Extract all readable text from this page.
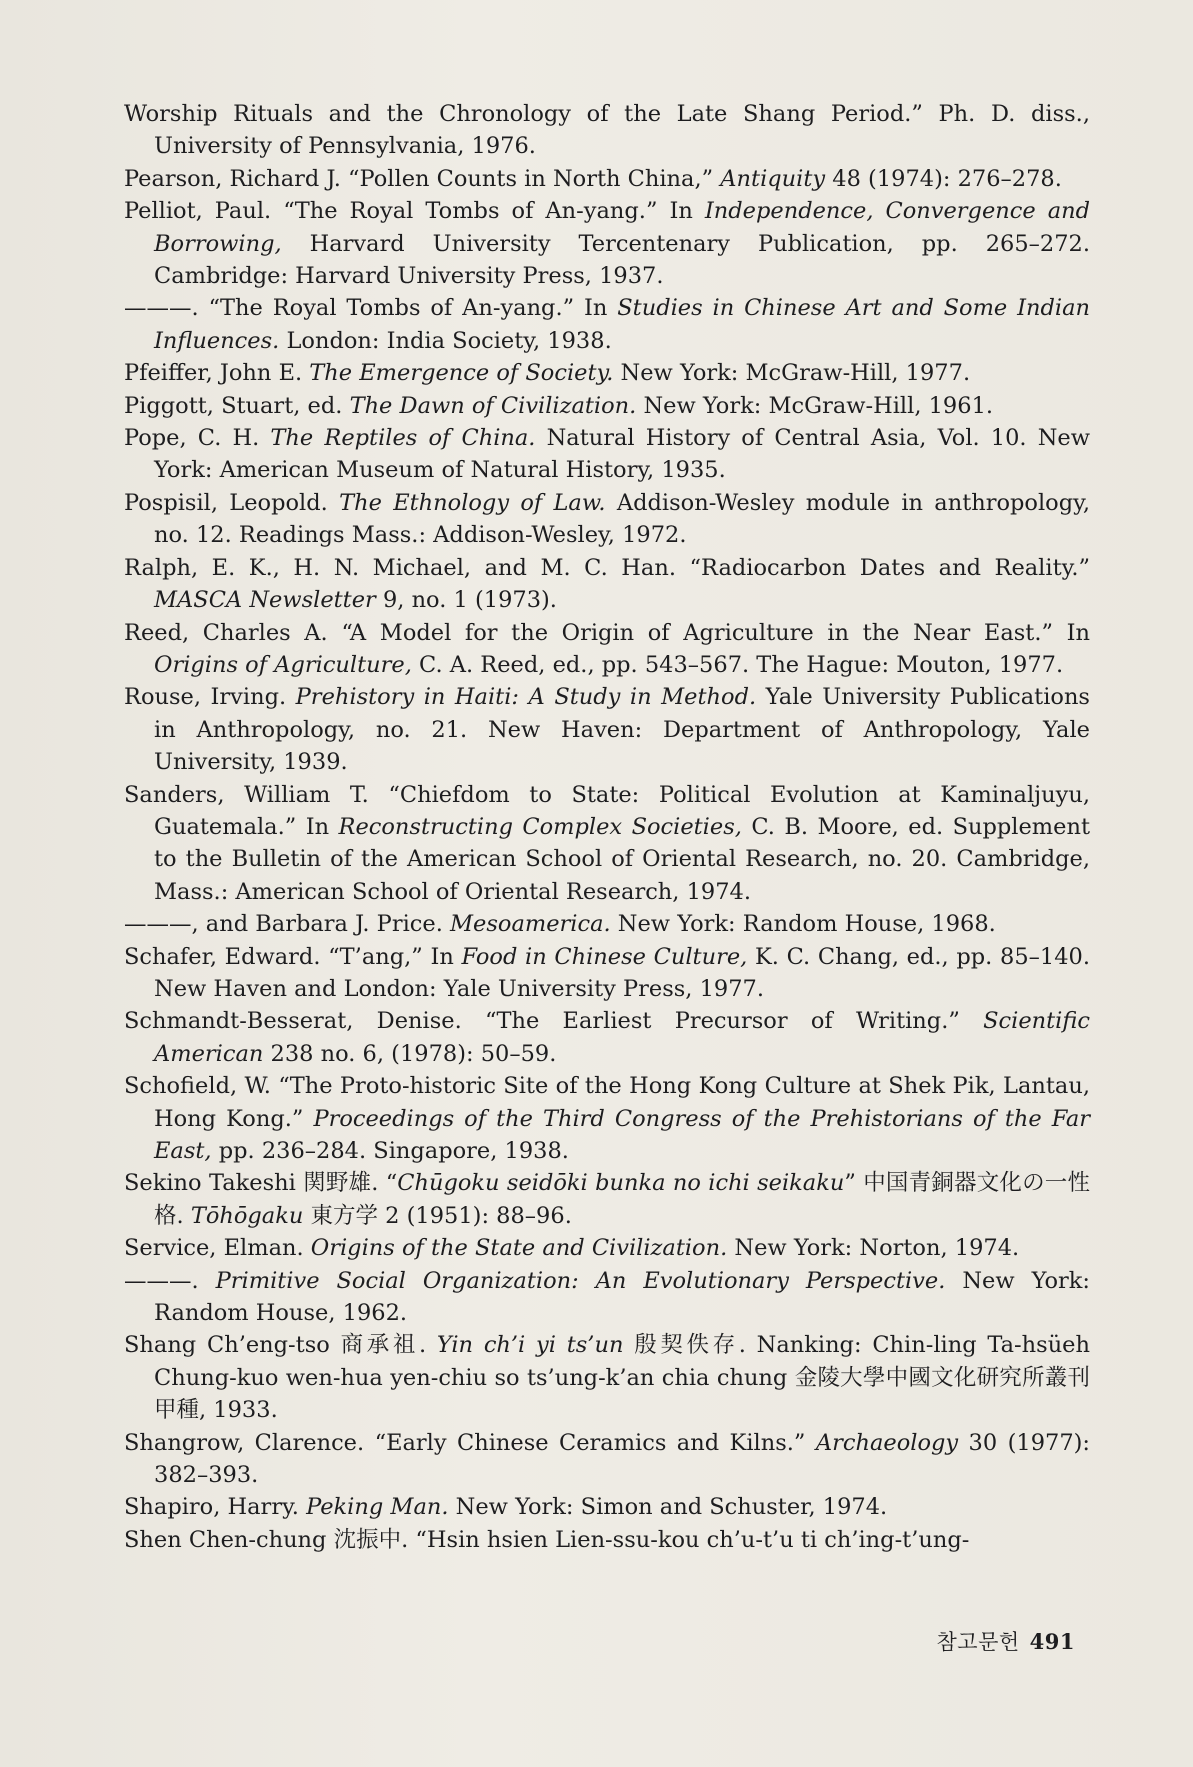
Worship Rituals and the Chronology of the Late Shang Period.” Ph. D. diss., University of Pennsylvania, 1976.

Pearson, Richard J. “Pollen Counts in North China,” Antiquity 48 (1974): 276–278.

Pelliot, Paul. “The Royal Tombs of An-yang.” In Independence, Convergence and Borrowing, Harvard University Tercentenary Publication, pp. 265–272. Cambridge: Harvard University Press, 1937.

———. “The Royal Tombs of An-yang.” In Studies in Chinese Art and Some Indian Influences. London: India Society, 1938.

Pfeiffer, John E. The Emergence of Society. New York: McGraw-Hill, 1977.

Piggott, Stuart, ed. The Dawn of Civilization. New York: McGraw-Hill, 1961.

Pope, C. H. The Reptiles of China. Natural History of Central Asia, Vol. 10. New York: American Museum of Natural History, 1935.

Pospisil, Leopold. The Ethnology of Law. Addison-Wesley module in anthropology, no. 12. Readings Mass.: Addison-Wesley, 1972.

Ralph, E. K., H. N. Michael, and M. C. Han. “Radiocarbon Dates and Reality.” MASCA Newsletter 9, no. 1 (1973).

Reed, Charles A. “A Model for the Origin of Agriculture in the Near East.” In Origins of Agriculture, C. A. Reed, ed., pp. 543–567. The Hague: Mouton, 1977.

Rouse, Irving. Prehistory in Haiti: A Study in Method. Yale University Publications in Anthropology, no. 21. New Haven: Department of Anthropology, Yale University, 1939.

Sanders, William T. “Chiefdom to State: Political Evolution at Kaminaljuyu, Guatemala.” In Reconstructing Complex Societies, C. B. Moore, ed. Supplement to the Bulletin of the American School of Oriental Research, no. 20. Cambridge, Mass.: American School of Oriental Research, 1974.

———, and Barbara J. Price. Mesoamerica. New York: Random House, 1968.

Schafer, Edward. “T’ang,” In Food in Chinese Culture, K. C. Chang, ed., pp. 85–140. New Haven and London: Yale University Press, 1977.

Schmandt-Besserat, Denise. “The Earliest Precursor of Writing.” Scientific American 238 no. 6, (1978): 50–59.

Schofield, W. “The Proto-historic Site of the Hong Kong Culture at Shek Pik, Lantau, Hong Kong.” Proceedings of the Third Congress of the Prehistorians of the Far East, pp. 236–284. Singapore, 1938.

Sekino Takeshi 関野雄. “Chūgoku seidōki bunka no ichi seikaku” 中国青銅器文化の一性格. Tōhōgaku 東方学 2 (1951): 88–96.

Service, Elman. Origins of the State and Civilization. New York: Norton, 1974.

———. Primitive Social Organization: An Evolutionary Perspective. New York: Random House, 1962.

Shang Ch’eng-tso 商承祖. Yin ch’i yi ts’un 殷契佚存. Nanking: Chin-ling Ta-hsüeh Chung-kuo wen-hua yen-chiu so ts’ung-k’an chia chung 金陵大學中國文化研究所叢刊甲種, 1933.

Shangrow, Clarence. “Early Chinese Ceramics and Kilns.” Archaeology 30 (1977): 382–393.

Shapiro, Harry. Peking Man. New York: Simon and Schuster, 1974.

Shen Chen-chung 沈振中. “Hsin hsien Lien-ssu-kou ch’u-t’u ti ch’ing-t’ung-

참고문헌 491
